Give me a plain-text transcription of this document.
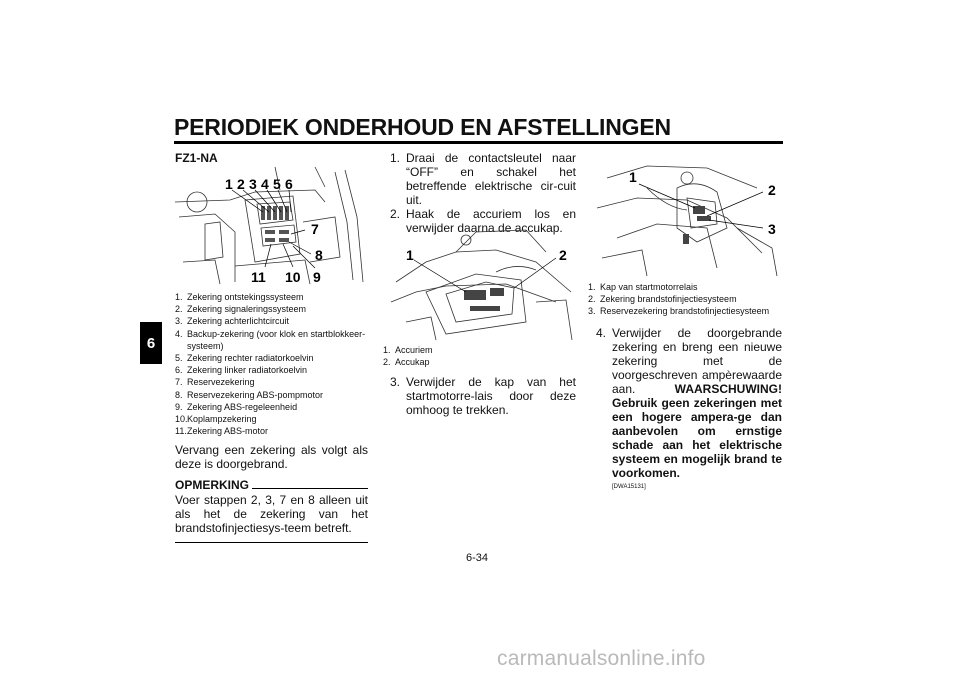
PERIODIEK ONDERHOUD EN AFSTELLINGEN
6
FZ1-NA
1 2 3 4 5 6
7
8
11 10 9
1. Zekering ontstekingssysteem
2. Zekering signaleringssysteem
3. Zekering achterlichtcircuit
4. Backup-zekering (voor klok en startblokkeer-systeem)
5. Zekering rechter radiatorkoelvin
6. Zekering linker radiatorkoelvin
7. Reservezekering
8. Reservezekering ABS-pompmotor
9. Zekering ABS-regeleenheid
10. Koplampzekering
11. Zekering ABS-motor
Vervang een zekering als volgt als deze is doorgebrand.
OPMERKING
Voer stappen 2, 3, 7 en 8 alleen uit als het de zekering van het brandstofinjectiesys-teem betreft.
1. Draai de contactsleutel naar “OFF” en schakel het betreffende elektrische cir-cuit uit.
2. Haak de accuriem los en verwijder daarna de accukap.
1	2
1. Accuriem
2. Accukap
3. Verwijder de kap van het startmotorre-lais door deze omhoog te trekken.
1
2
3
1. Kap van startmotorrelais
2. Zekering brandstofinjectiesysteem
3. Reservezekering brandstofinjectiesysteem
4. Verwijder de doorgebrande zekering en breng een nieuwe zekering met de voorgeschreven ampèrewaarde aan.	WAARSCHUWING! Gebruik geen zekeringen met een hogere ampera-ge dan aanbevolen om ernstige schade aan het elektrische systeem en mogelijk brand te voorkomen.
[DWA15131]
6-34
carmanualsonline.info
